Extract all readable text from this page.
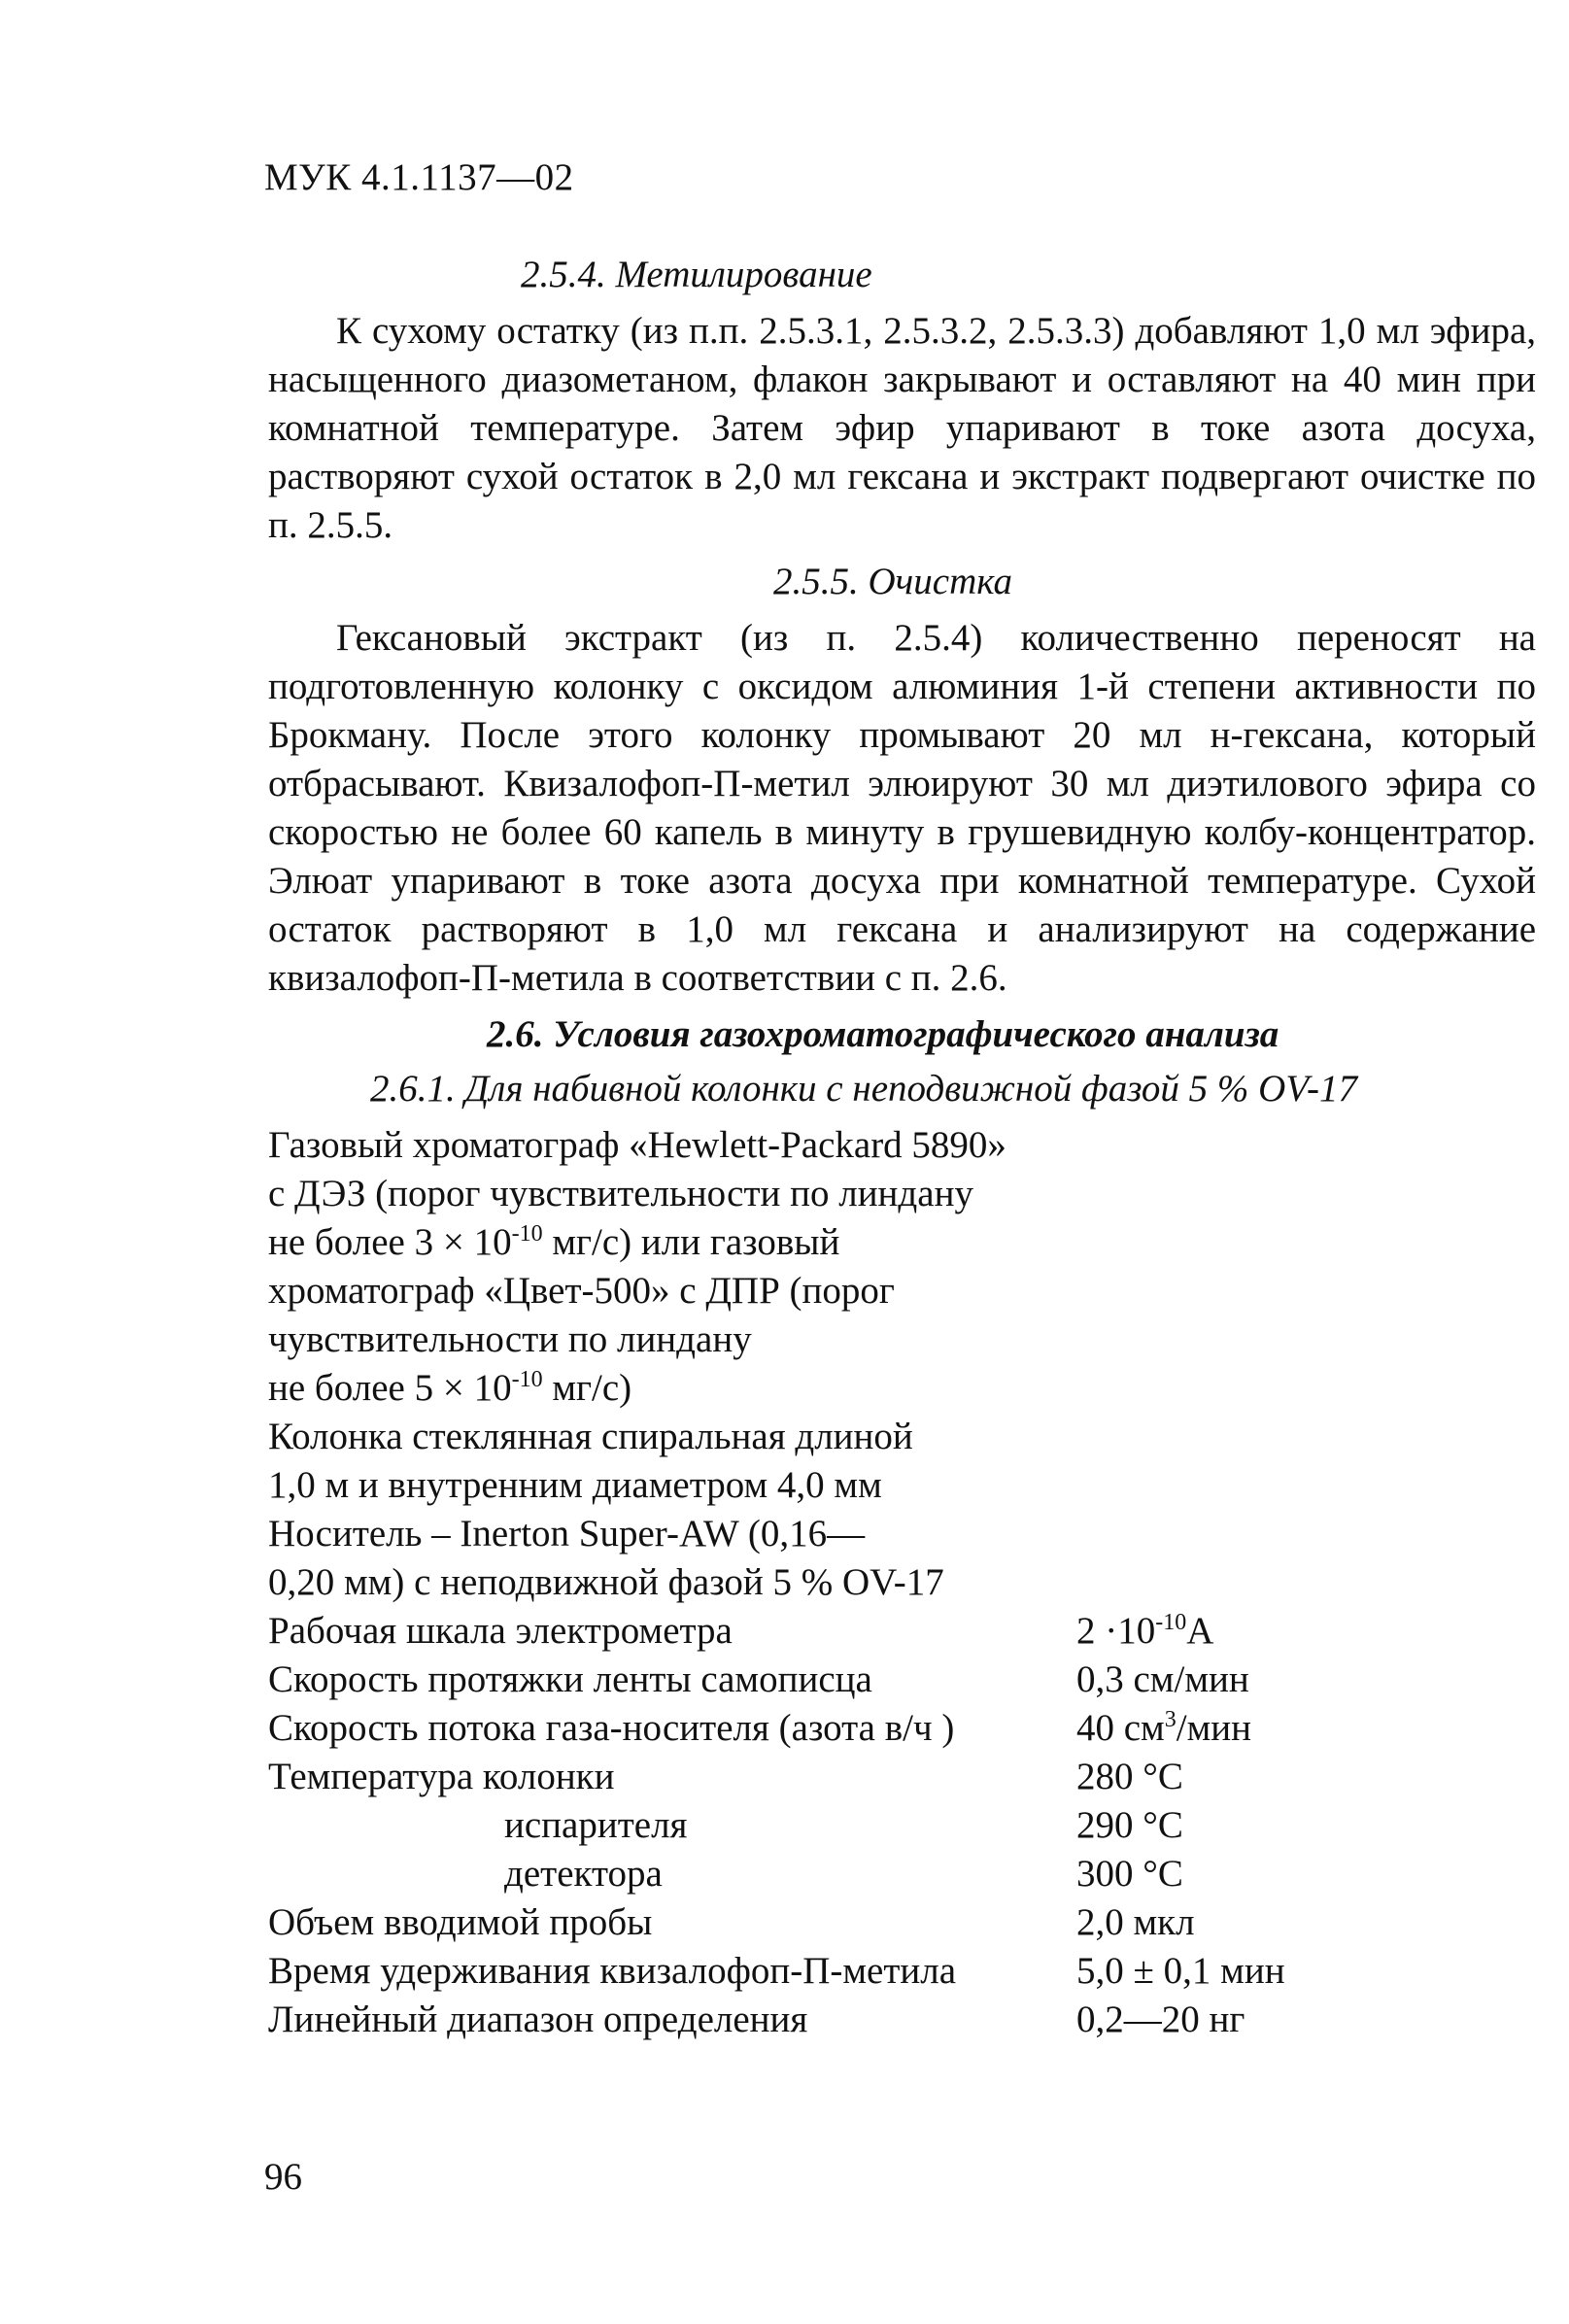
МУК 4.1.1137—02
2.5.4. Метилирование

К сухому остатку (из п.п. 2.5.3.1, 2.5.3.2, 2.5.3.3) добавляют 1,0 мл эфира, насыщенного диазометаном, флакон закрывают и оставляют на 40 мин при комнатной температуре. Затем эфир упаривают в токе азота досуха, растворяют сухой остаток в 2,0 мл гексана и экстракт подвергают очистке по п. 2.5.5.

2.5.5. Очистка

Гексановый экстракт (из п. 2.5.4) количественно переносят на подготовленную колонку с оксидом алюминия 1-й степени активности по Брокману. После этого колонку промывают 20 мл н-гексана, который отбрасывают. Квизалофоп-П-метил элюируют 30 мл диэтилового эфира со скоростью не более 60 капель в минуту в грушевидную колбу-концентратор. Элюат упаривают в токе азота досуха при комнатной температуре. Сухой остаток растворяют в 1,0 мл гексана и анализируют на содержание квизалофоп-П-метила в соответствии с п. 2.6.

2.6. Условия газохроматографического анализа
2.6.1. Для набивной колонки с неподвижной фазой 5 % OV-17
Газовый хроматограф «Hewlett-Packard 5890»
с ДЭЗ (порог чувствительности по линдану
не более $3 \times 10^{-10}$ мг/с) или газовый
хроматограф «Цвет-500» с ДПР (порог
чувствительности по линдану
не более $5 \times 10^{-10}$ мг/с)
Колонка стеклянная спиральная длиной
1,0 м и внутренним диаметром 4,0 мм
Носитель – Inerton Super-AW (0,16—
0,20 мм) с неподвижной фазой 5 % OV-17
Рабочая шкала электрометра	$2 \cdot 10^{-10}А$
Скорость протяжки ленты самописца	0,3 см/мин
Скорость потока газа-носителя (азота в/ч )	40 $см^3$/мин
Температура колонки	280 °С
испарителя	290 °С
детектора	300 °С
Объем вводимой пробы	2,0 мкл
Время удерживания квизалофоп-П-метила	5,0 ± 0,1 мин
Линейный диапазон определения	0,2—20 нг
96
